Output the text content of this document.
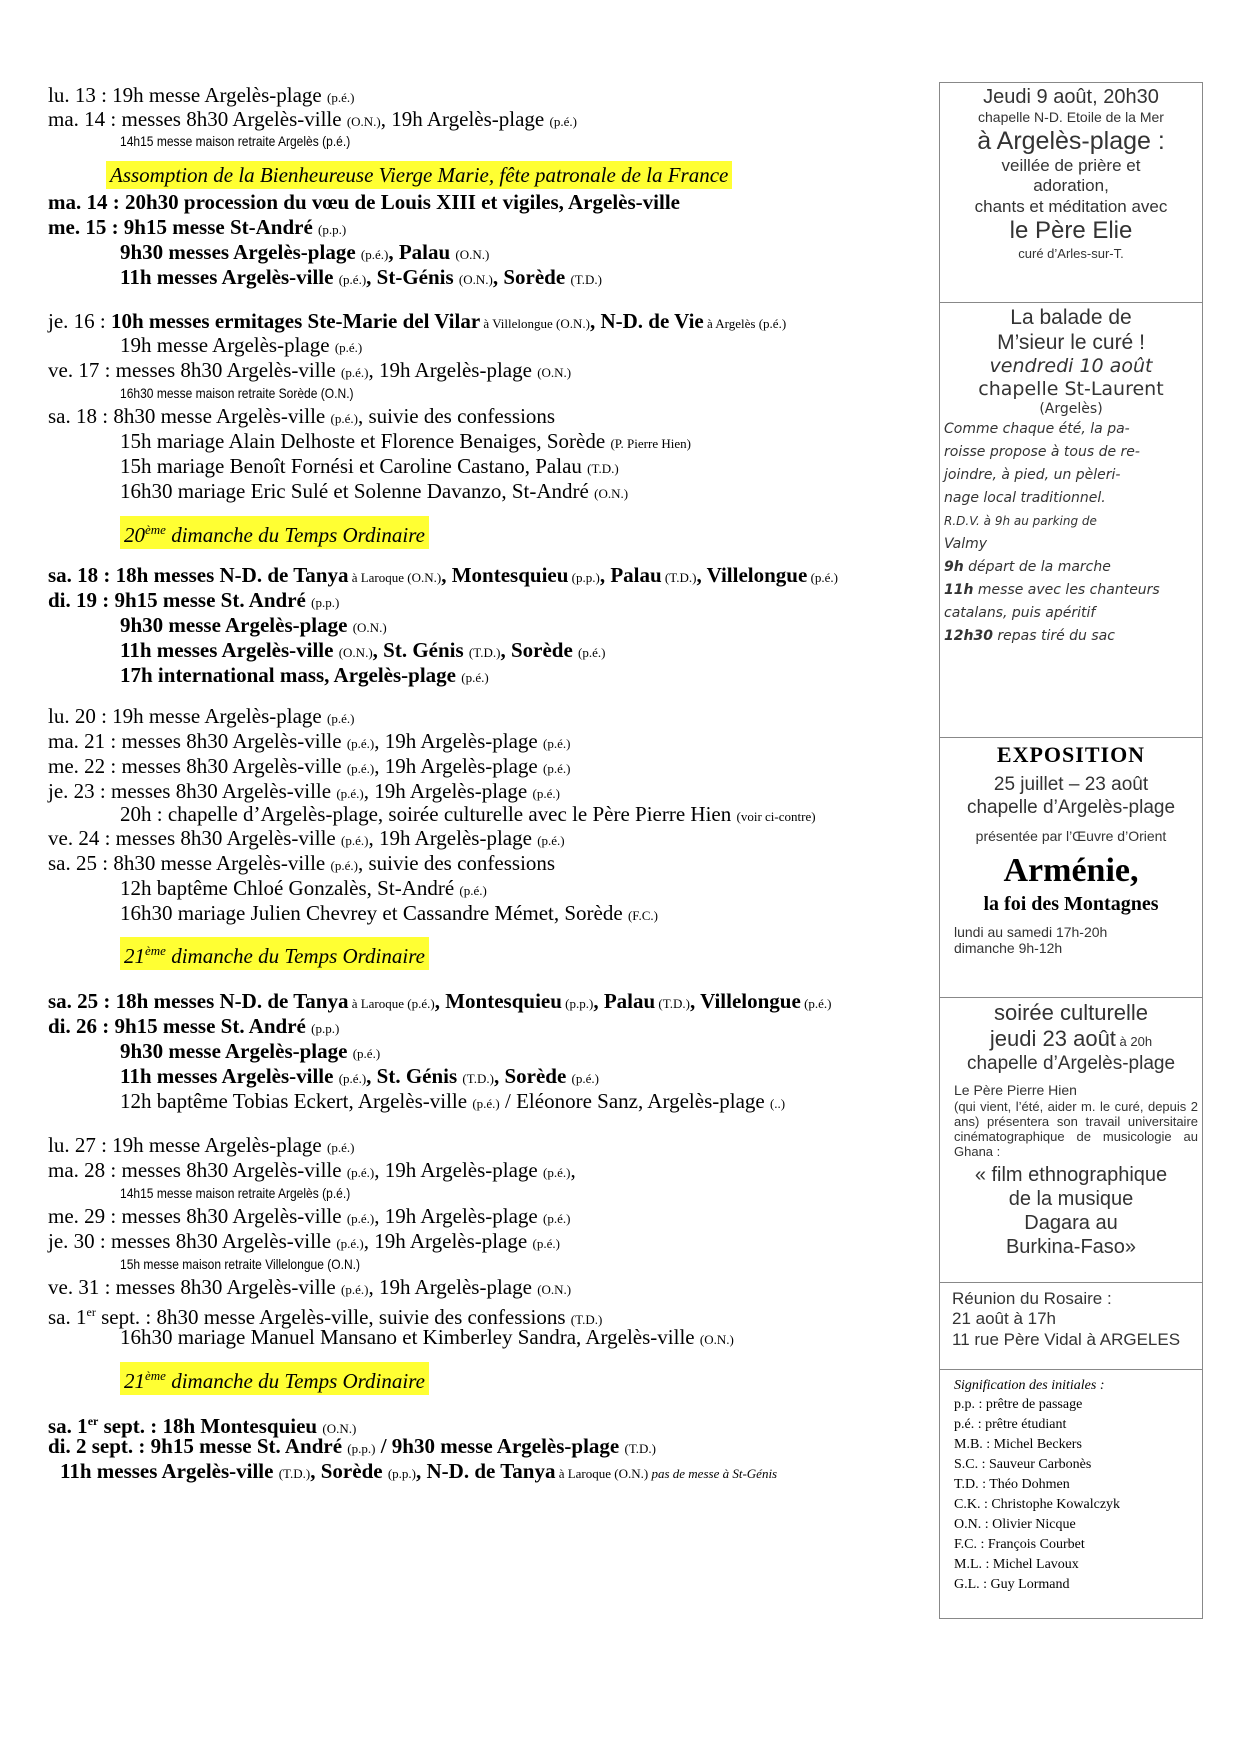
lu. 13 : 19h messe Argelès-plage (p.é.)
ma. 14 : messes 8h30 Argelès-ville (O.N.), 19h Argelès-plage (p.é.)
14h15 messe maison retraite Argelès (p.é.)
Assomption de la Bienheureuse Vierge Marie, fête patronale de la France
ma. 14 : 20h30 procession du vœu de Louis XIII et vigiles, Argelès-ville
me. 15 : 9h15 messe St-André (p.p.)
9h30 messes Argelès-plage (p.é.), Palau (O.N.)
11h messes Argelès-ville (p.é.), St-Génis (O.N.), Sorède (T.D.)
je. 16 : 10h messes ermitages Ste-Marie del Vilar à Villelongue (O.N.), N-D. de Vie à Argelès (p.é.)
19h messe Argelès-plage (p.é.)
ve. 17 : messes 8h30 Argelès-ville (p.é.), 19h Argelès-plage (O.N.)
16h30 messe maison retraite Sorède (O.N.)
sa. 18 : 8h30 messe Argelès-ville (p.é.), suivie des confessions
15h mariage Alain Delhoste et Florence Benaiges, Sorède (P. Pierre Hien)
15h mariage Benoît Fornési et Caroline Castano, Palau (T.D.)
16h30 mariage Eric Sulé et Solenne Davanzo, St-André (O.N.)
20ème dimanche du Temps Ordinaire
sa. 18 : 18h messes N-D. de Tanya à Laroque (O.N.), Montesquieu (p.p.), Palau (T.D.), Villelongue (p.é.)
di. 19 : 9h15 messe St. André (p.p.)
9h30 messe Argelès-plage (O.N.)
11h messes Argelès-ville (O.N.), St. Génis (T.D.), Sorède (p.é.)
17h international mass, Argelès-plage (p.é.)
lu. 20 : 19h messe Argelès-plage (p.é.)
ma. 21 : messes 8h30 Argelès-ville (p.é.), 19h Argelès-plage (p.é.)
me. 22 : messes 8h30 Argelès-ville (p.é.), 19h Argelès-plage (p.é.)
je. 23 : messes 8h30 Argelès-ville (p.é.), 19h Argelès-plage (p.é.)
20h : chapelle d’Argelès-plage, soirée culturelle avec le Père Pierre Hien (voir ci-contre)
ve. 24 : messes 8h30 Argelès-ville (p.é.), 19h Argelès-plage (p.é.)
sa. 25 : 8h30 messe Argelès-ville (p.é.), suivie des confessions
12h baptême Chloé Gonzalès, St-André (p.é.)
16h30 mariage Julien Chevrey et Cassandre Mémet, Sorède (F.C.)
21ème dimanche du Temps Ordinaire
sa. 25 : 18h messes N-D. de Tanya à Laroque (p.é.), Montesquieu (p.p.), Palau (T.D.), Villelongue (p.é.)
di. 26 : 9h15 messe St. André (p.p.)
9h30 messe Argelès-plage (p.é.)
11h messes Argelès-ville (p.é.), St. Génis (T.D.), Sorède (p.é.)
12h baptême Tobias Eckert, Argelès-ville (p.é.) / Eléonore Sanz, Argelès-plage (..)
lu. 27 : 19h messe Argelès-plage (p.é.)
ma. 28 : messes 8h30 Argelès-ville (p.é.), 19h Argelès-plage (p.é.),
14h15 messe maison retraite Argelès (p.é.)
me. 29 : messes 8h30 Argelès-ville (p.é.), 19h Argelès-plage (p.é.)
je. 30 : messes 8h30 Argelès-ville (p.é.), 19h Argelès-plage (p.é.)
15h messe maison retraite Villelongue (O.N.)
ve. 31 : messes 8h30 Argelès-ville (p.é.), 19h Argelès-plage (O.N.)
sa. 1er sept. : 8h30 messe Argelès-ville, suivie des confessions (T.D.)
16h30 mariage Manuel Mansano et Kimberley Sandra, Argelès-ville (O.N.)
21ème dimanche du Temps Ordinaire
sa. 1er sept. : 18h Montesquieu (O.N.)
di. 2 sept. : 9h15 messe St. André (p.p.) / 9h30 messe Argelès-plage (T.D.)
11h messes Argelès-ville (T.D.), Sorède (p.p.), N-D. de Tanya à Laroque (O.N.) pas de messe à St-Génis
Jeudi 9 août, 20h30
chapelle N-D. Etoile de la Mer
à Argelès-plage :
veillée de prière et
adoration,
chants et méditation avec
le Père Elie
curé d’Arles-sur-T.
La balade de
M’sieur le curé !
vendredi 10 août
chapelle St-Laurent
(Argelès)
Comme chaque été, la pa-
roisse propose à tous de re-
joindre, à pied, un pèleri-
nage local traditionnel.
R.D.V. à 9h au parking de
Valmy
9h départ de la marche
11h messe avec les chanteurs
catalans, puis apéritif
12h30 repas tiré du sac
EXPOSITION
25 juillet – 23 août
chapelle d’Argelès-plage
présentée par l’Œuvre d’Orient
Arménie,
la foi des Montagnes
lundi au samedi 17h-20h
dimanche 9h-12h
soirée culturelle
jeudi 23 août à 20h
chapelle d’Argelès-plage
Le Père Pierre Hien
(qui vient, l’été, aider m. le curé, depuis 2 ans) présentera son travail universitaire cinématographique de musicologie au Ghana :
« film ethnographique
de la musique
Dagara au
Burkina-Faso»
Réunion du Rosaire :
21 août à 17h
11 rue Père Vidal à ARGELES
Signification des initiales :
p.p. : prêtre de passage
p.é. : prêtre étudiant
M.B. : Michel Beckers
S.C. : Sauveur Carbonès
T.D. : Théo Dohmen
C.K. : Christophe Kowalczyk
O.N. : Olivier Nicque
F.C. : François Courbet
M.L. : Michel Lavoux
G.L. : Guy Lormand
